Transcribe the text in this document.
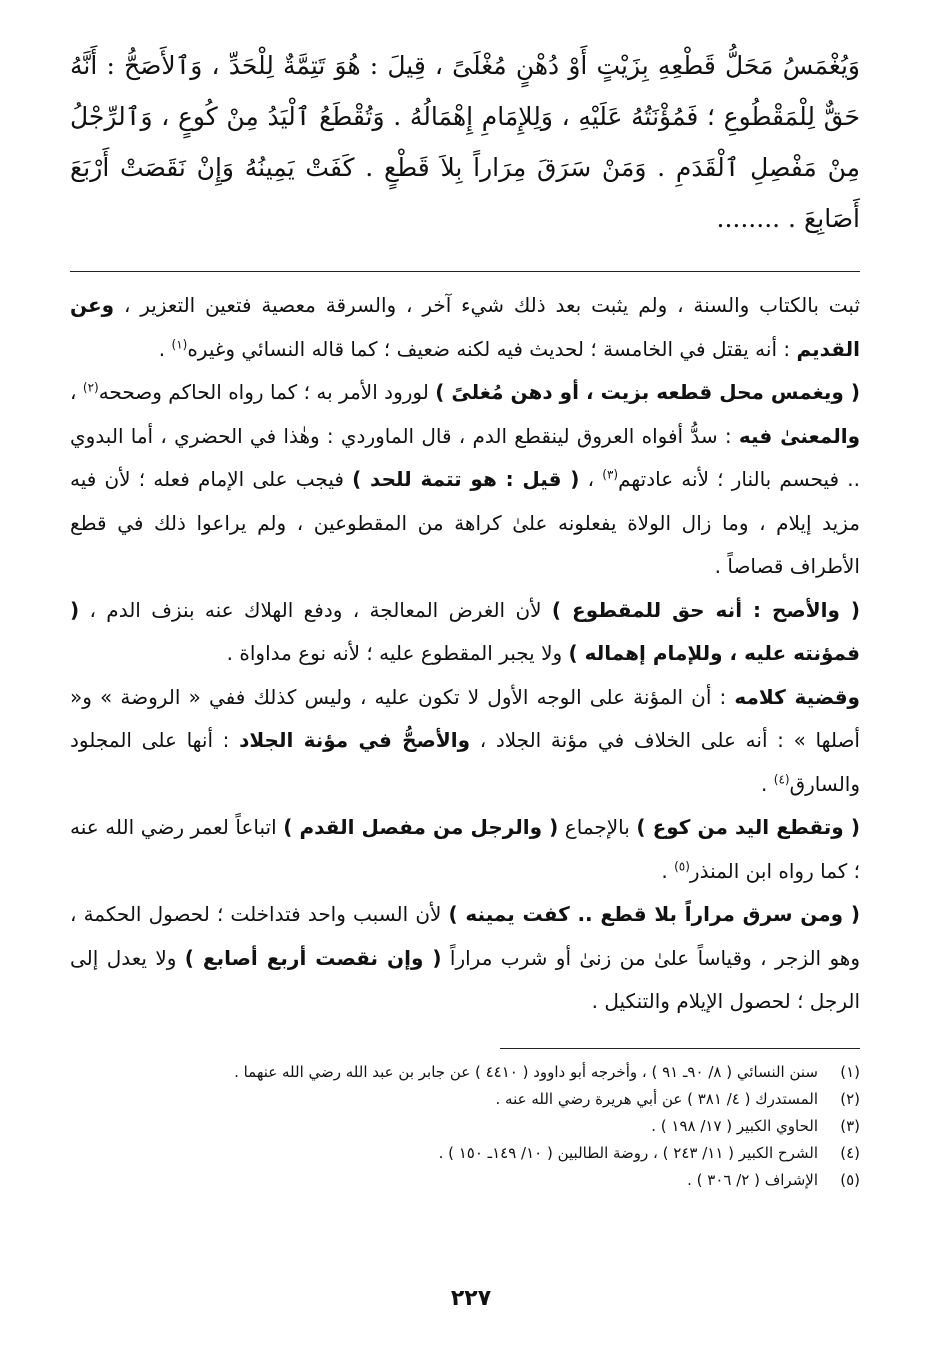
وَيُغْمَسُ مَحَلُّ قَطْعِهِ بِزَيْتٍ أَوْ دُهْنٍ مُغْلَىً ، قِيلَ : هُوَ تَتِمَّةٌ لِلْحَدِّ ، وَٱلأَصَحُّ : أَنَّهُ حَقٌّ لِلْمَقْطُوعِ ؛ فَمُؤْنَتُهُ عَلَيْهِ ، وَلِلإِمَامِ إِهْمَالُهُ . وَتُقْطَعُ ٱلْيَدُ مِنْ كُوعٍ ، وَٱلرِّجْلُ مِنْ مَفْصِلِ ٱلْقَدَمِ . وَمَنْ سَرَقَ مِرَاراً بِلاَ قَطْعٍ . كَفَتْ يَمِينُهُ وَإِنْ نَقَصَتْ أَرْبَعَ أَصَابِعَ . ........

ثبت بالكتاب والسنة ، ولم يثبت بعد ذلك شيء آخر ، والسرقة معصية فتعين التعزير ، وعن القديم : أنه يقتل في الخامسة ؛ لحديث فيه لكنه ضعيف ؛ كما قاله النسائي وغيره$^{(١)}$ .

( ويغمس محل قطعه بزيت ، أو دهن مُغلىً ) لورود الأمر به ؛ كما رواه الحاكم وصححه$^{(٢)}$ ، والمعنىٰ فيه : سدُّ أفواه العروق لينقطع الدم ، قال الماوردي : وهٰذا في الحضري ، أما البدوي .. فيحسم بالنار ؛ لأنه عادتهم$^{(٣)}$ ، ( قيل : هو تتمة للحد ) فيجب على الإمام فعله ؛ لأن فيه مزيد إيلام ، وما زال الولاة يفعلونه علىٰ كراهة من المقطوعين ، ولم يراعوا ذلك في قطع الأطراف قصاصاً .

( والأصح : أنه حق للمقطوع ) لأن الغرض المعالجة ، ودفع الهلاك عنه بنزف الدم ، ( فمؤنته عليه ، وللإمام إهماله ) ولا يجبر المقطوع عليه ؛ لأنه نوع مداواة .

وقضية كلامه : أن المؤنة على الوجه الأول لا تكون عليه ، وليس كذلك ففي « الروضة » و« أصلها » : أنه على الخلاف في مؤنة الجلاد ، والأصحُّ في مؤنة الجلاد : أنها على المجلود والسارق$^{(٤)}$ .

( وتقطع اليد من كوع ) بالإجماع ( والرجل من مفصل القدم ) اتباعاً لعمر رضي الله عنه ؛ كما رواه ابن المنذر$^{(٥)}$ .

( ومن سرق مراراً بلا قطع .. كفت يمينه ) لأن السبب واحد فتداخلت ؛ لحصول الحكمة ، وهو الزجر ، وقياساً علىٰ من زنىٰ أو شرب مراراً ( وإن نقصت أربع أصابع ) ولا يعدل إلى الرجل ؛ لحصول الإيلام والتنكيل .

(١)
سنن النسائي ( ٨/ ٩٠ـ ٩١ ) ، وأخرجه أبو داوود ( ٤٤١٠ ) عن جابر بن عبد الله رضي الله عنهما .
(٢)
المستدرك ( ٤/ ٣٨١ ) عن أبي هريرة رضي الله عنه .
(٣)
الحاوي الكبير ( ١٧/ ١٩٨ ) .
(٤)
الشرح الكبير ( ١١/ ٢٤٣ ) ، روضة الطالبين ( ١٠/ ١٤٩ـ ١٥٠ ) .
(٥)
الإشراف ( ٢/ ٣٠٦ ) .
٢٢٧
